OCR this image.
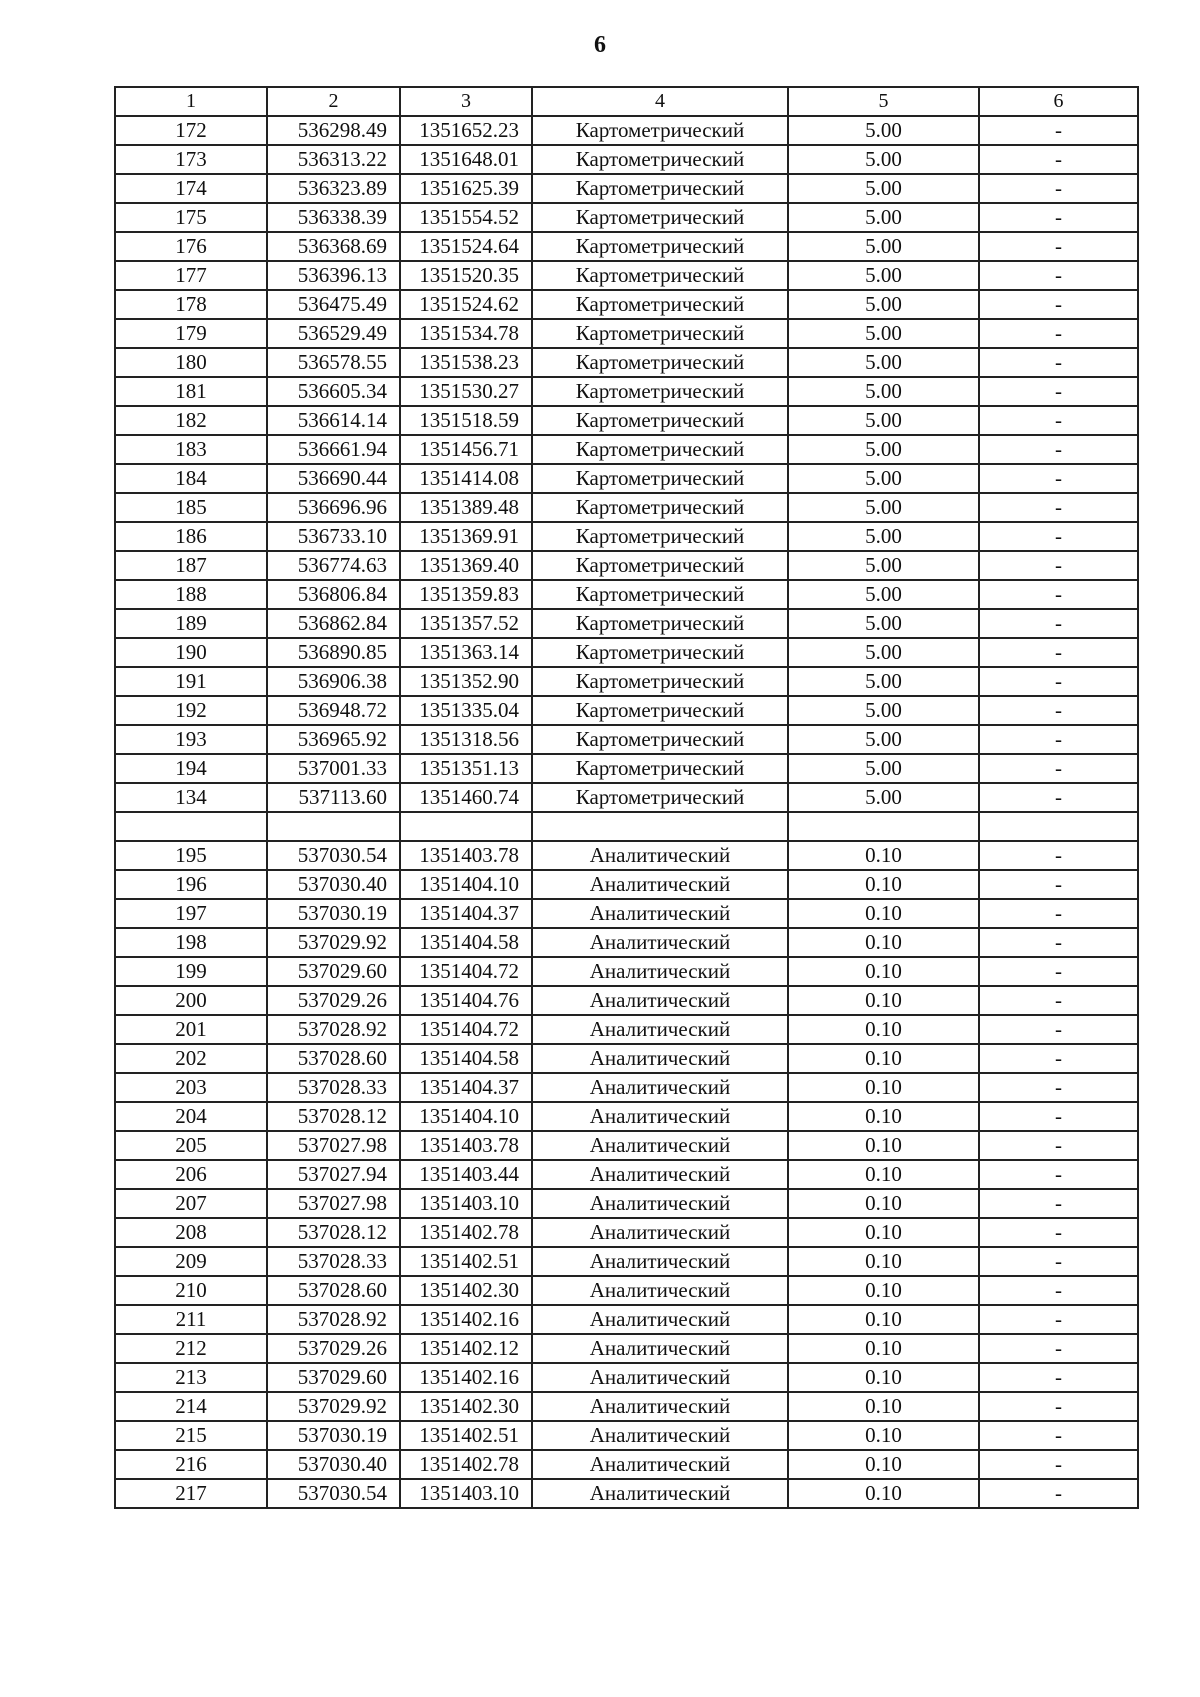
6
1	2	3	4	5	6
172	536298.49	1351652.23	Картометрический	5.00	-
173	536313.22	1351648.01	Картометрический	5.00	-
174	536323.89	1351625.39	Картометрический	5.00	-
175	536338.39	1351554.52	Картометрический	5.00	-
176	536368.69	1351524.64	Картометрический	5.00	-
177	536396.13	1351520.35	Картометрический	5.00	-
178	536475.49	1351524.62	Картометрический	5.00	-
179	536529.49	1351534.78	Картометрический	5.00	-
180	536578.55	1351538.23	Картометрический	5.00	-
181	536605.34	1351530.27	Картометрический	5.00	-
182	536614.14	1351518.59	Картометрический	5.00	-
183	536661.94	1351456.71	Картометрический	5.00	-
184	536690.44	1351414.08	Картометрический	5.00	-
185	536696.96	1351389.48	Картометрический	5.00	-
186	536733.10	1351369.91	Картометрический	5.00	-
187	536774.63	1351369.40	Картометрический	5.00	-
188	536806.84	1351359.83	Картометрический	5.00	-
189	536862.84	1351357.52	Картометрический	5.00	-
190	536890.85	1351363.14	Картометрический	5.00	-
191	536906.38	1351352.90	Картометрический	5.00	-
192	536948.72	1351335.04	Картометрический	5.00	-
193	536965.92	1351318.56	Картометрический	5.00	-
194	537001.33	1351351.13	Картометрический	5.00	-
134	537113.60	1351460.74	Картометрический	5.00	-

195	537030.54	1351403.78	Аналитический	0.10	-
196	537030.40	1351404.10	Аналитический	0.10	-
197	537030.19	1351404.37	Аналитический	0.10	-
198	537029.92	1351404.58	Аналитический	0.10	-
199	537029.60	1351404.72	Аналитический	0.10	-
200	537029.26	1351404.76	Аналитический	0.10	-
201	537028.92	1351404.72	Аналитический	0.10	-
202	537028.60	1351404.58	Аналитический	0.10	-
203	537028.33	1351404.37	Аналитический	0.10	-
204	537028.12	1351404.10	Аналитический	0.10	-
205	537027.98	1351403.78	Аналитический	0.10	-
206	537027.94	1351403.44	Аналитический	0.10	-
207	537027.98	1351403.10	Аналитический	0.10	-
208	537028.12	1351402.78	Аналитический	0.10	-
209	537028.33	1351402.51	Аналитический	0.10	-
210	537028.60	1351402.30	Аналитический	0.10	-
211	537028.92	1351402.16	Аналитический	0.10	-
212	537029.26	1351402.12	Аналитический	0.10	-
213	537029.60	1351402.16	Аналитический	0.10	-
214	537029.92	1351402.30	Аналитический	0.10	-
215	537030.19	1351402.51	Аналитический	0.10	-
216	537030.40	1351402.78	Аналитический	0.10	-
217	537030.54	1351403.10	Аналитический	0.10	-
